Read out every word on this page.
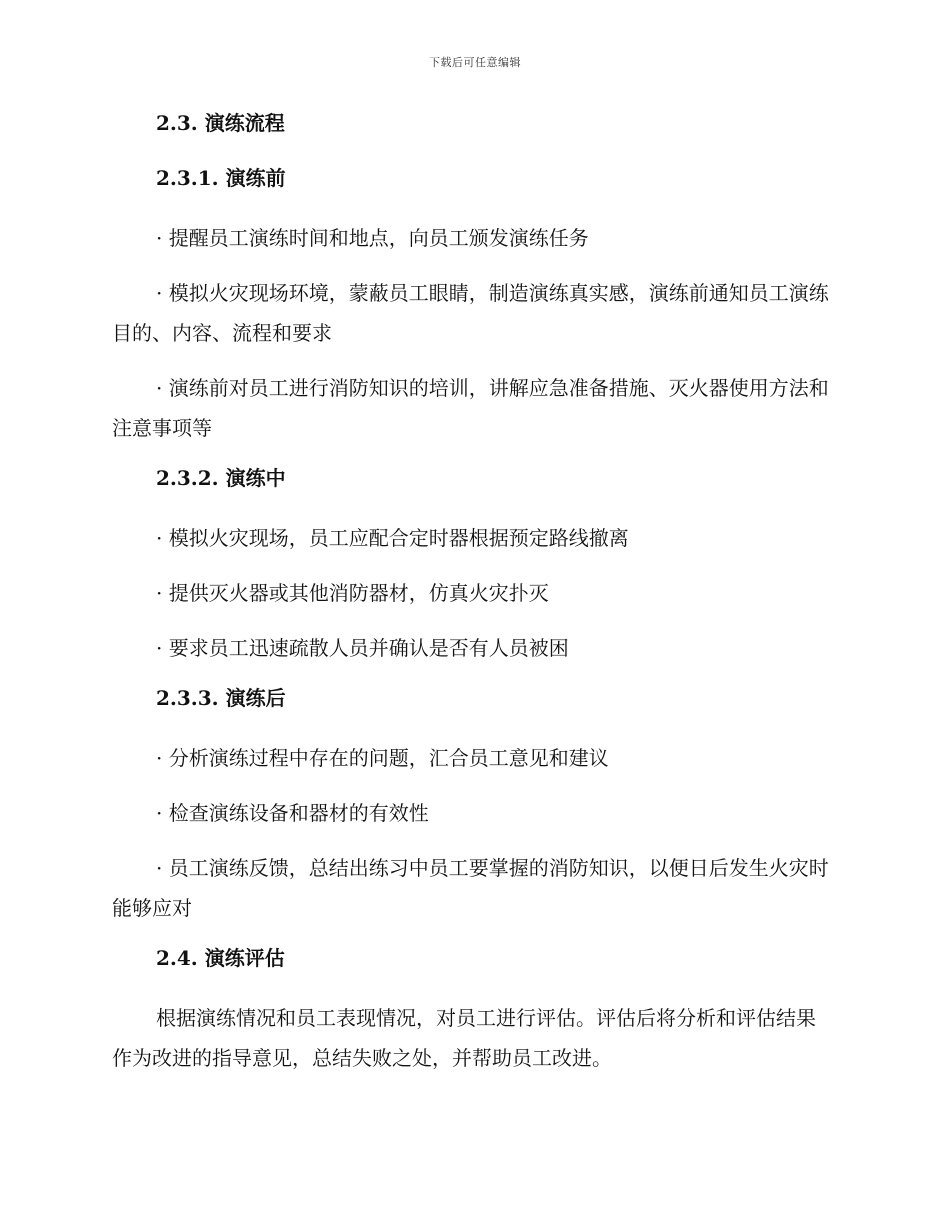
下载后可任意编辑
2.3. 演练流程
2.3.1. 演练前
· 提醒员工演练时间和地点，向员工颁发演练任务
· 模拟火灾现场环境，蒙蔽员工眼睛，制造演练真实感，演练前通知员工演练目的、内容、流程和要求
· 演练前对员工进行消防知识的培训，讲解应急准备措施、灭火器使用方法和注意事项等
2.3.2. 演练中
· 模拟火灾现场，员工应配合定时器根据预定路线撤离
· 提供灭火器或其他消防器材，仿真火灾扑灭
· 要求员工迅速疏散人员并确认是否有人员被困
2.3.3. 演练后
· 分析演练过程中存在的问题，汇合员工意见和建议
· 检查演练设备和器材的有效性
· 员工演练反馈，总结出练习中员工要掌握的消防知识，以便日后发生火灾时能够应对
2.4. 演练评估
根据演练情况和员工表现情况，对员工进行评估。评估后将分析和评估结果作为改进的指导意见，总结失败之处，并帮助员工改进。
